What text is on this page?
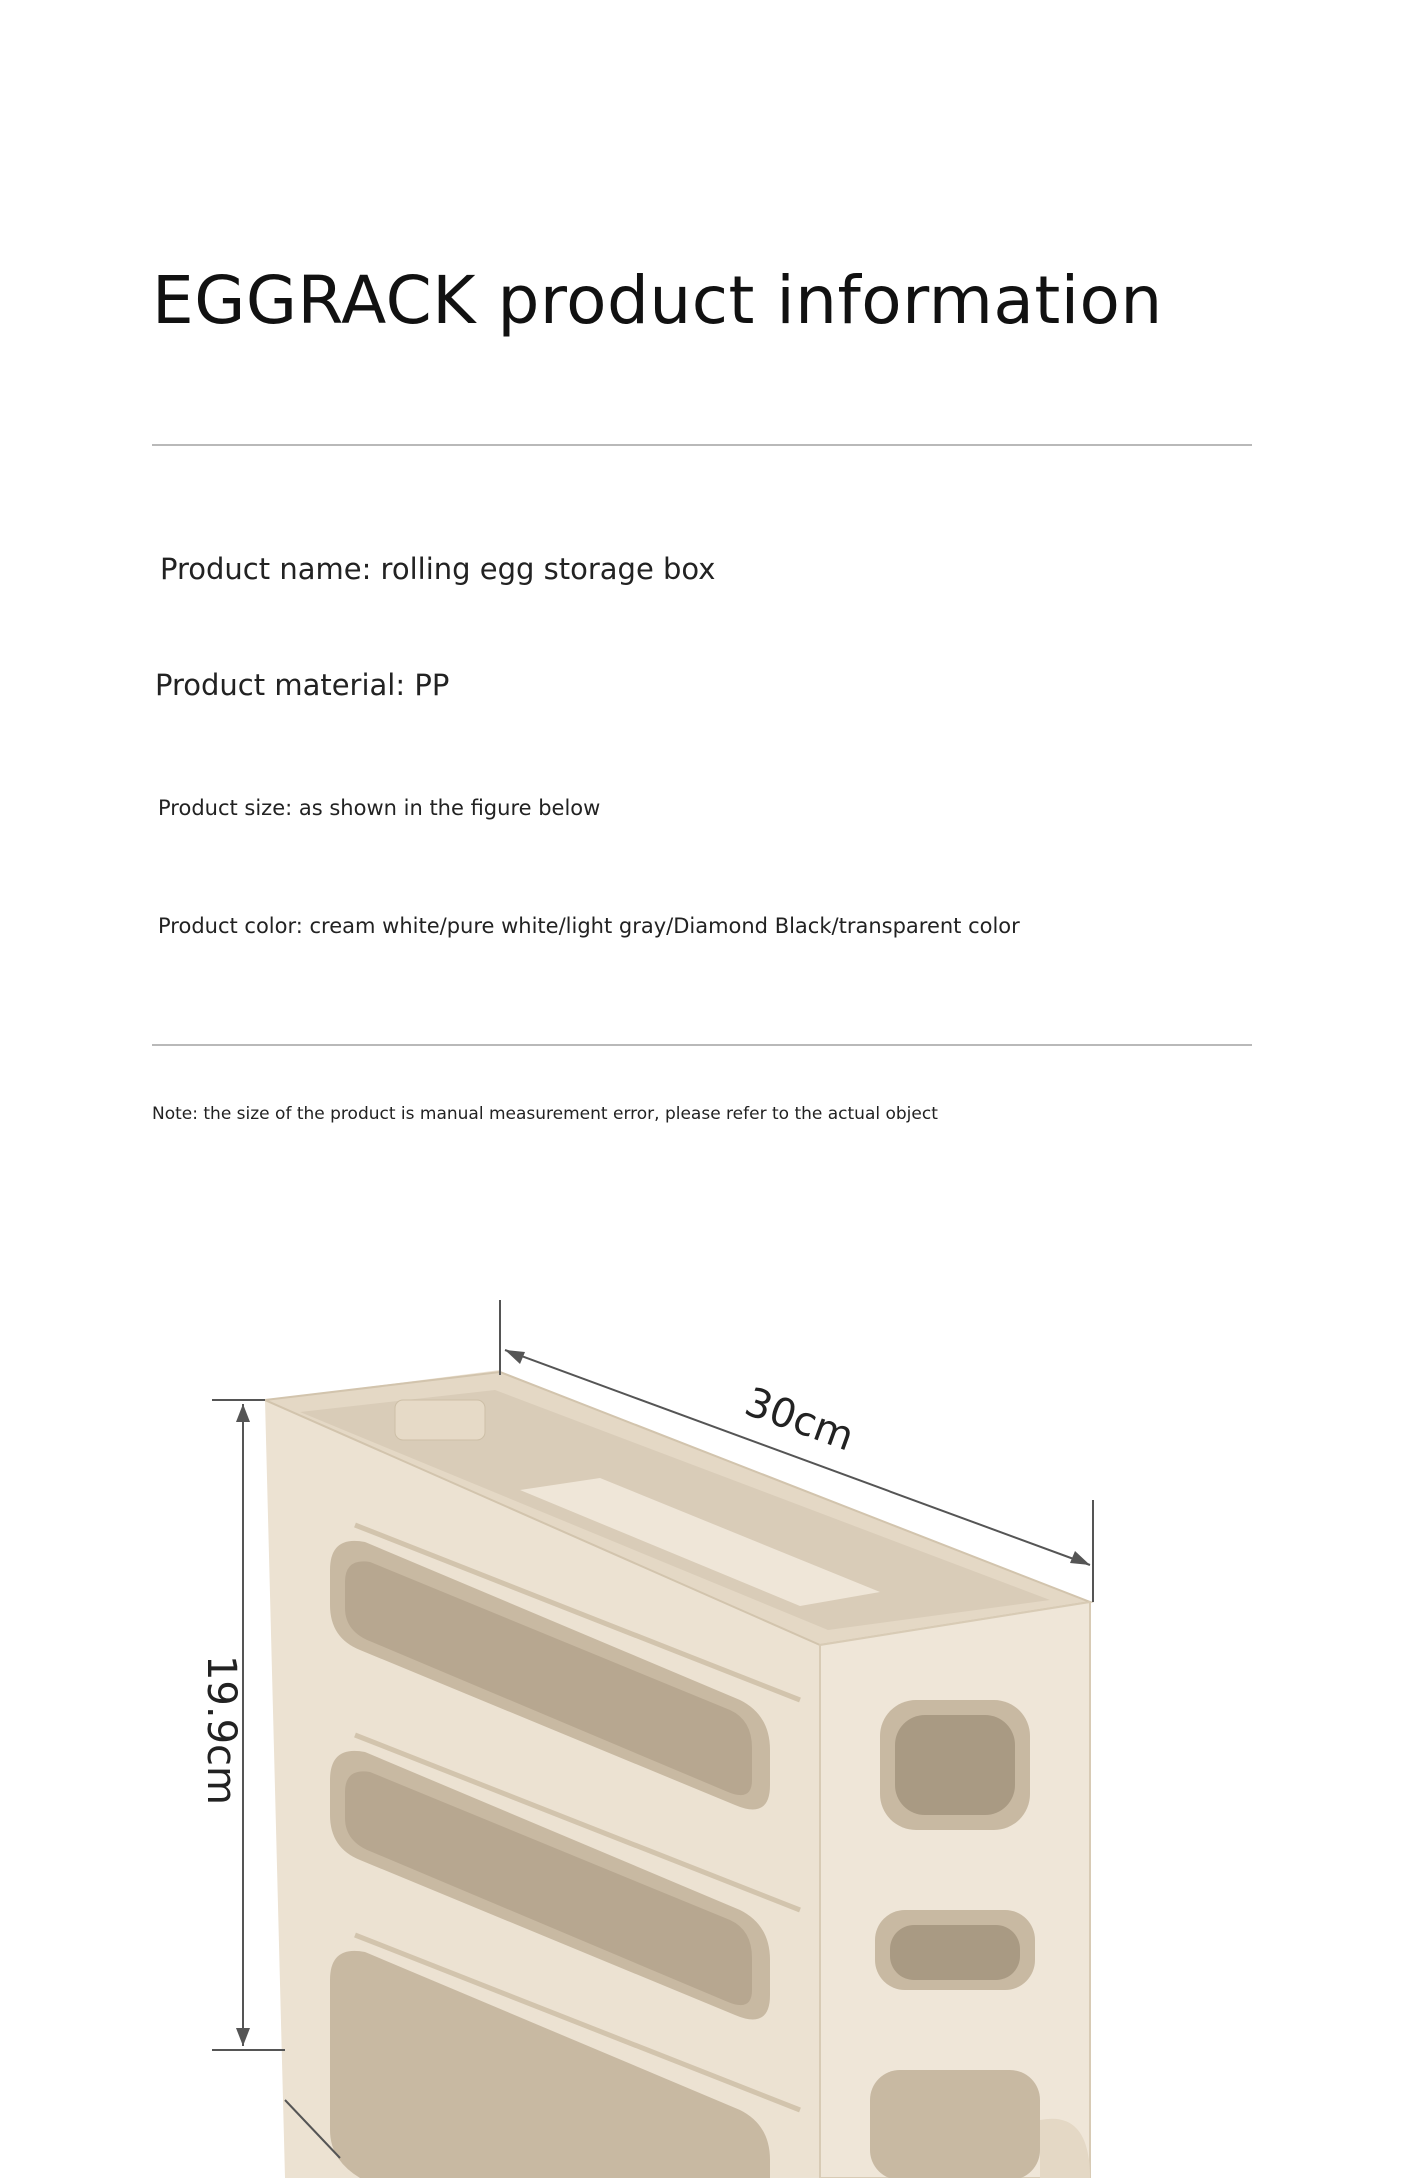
EGGRACK product information
Product name: rolling egg storage box
Product material: PP
Product size: as shown in the figure below
Product color: cream white/pure white/light gray/Diamond Black/transparent color
Note: the size of the product is manual measurement error, please refer to the actual object
30cm
19.9cm
